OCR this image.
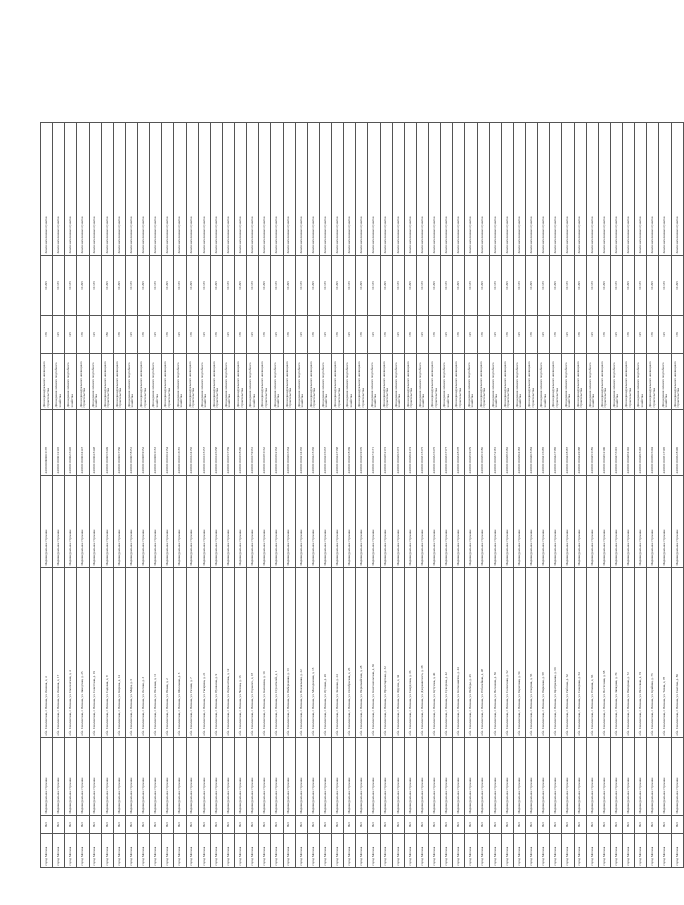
город Москва	Нет	Индивидуальное строение	обл. Смоленская, г. Вязьма, ул. Ленина, д. 4	Индивидуальное строение	44:09:0000000:1178	Для индивидуального жилищного строительства	170	10 295	Земли населенных пунктов
город Москва	Нет	Индивидуальное строение	обл. Смоленская, г. Вязьма, ул. Ленина, д. 17	Индивидуальное строение	44:09:0101001:2145	Для ведения личного подсобного хозяйства	125	10 135	Земли населенных пунктов
город Москва	Нет	Индивидуальное строение	обл. Смоленская, г. Вязьма, ул. Смоленская, д. 4	Индивидуальное строение	44:09:0101002:3146	Для ведения личного подсобного хозяйства	125	10 135	Земли населенных пунктов
город Москва	Нет	Индивидуальное строение	обл. Смоленская, г. Вязьма, ул. Заводская, д. 25	Индивидуальное строение	44:09:0101003:4147	Для индивидуального жилищного строительства	170	10 295	Земли населенных пунктов
город Москва	Нет	Индивидуальное строение	обл. Смоленская, г. Вязьма, ул. Советская, д. 19	Индивидуальное строение	44:09:0101004:5148	Для ведения личного подсобного хозяйства	125	10 135	Земли населенных пунктов
город Москва	Нет	Индивидуальное строение	обл. Смоленская, г. Вязьма, ул. Садовая, д. 8	Индивидуальное строение	44:09:0101005:6149	Для индивидуального жилищного строительства	180	10 295	Земли населенных пунктов
город Москва	Нет	Индивидуальное строение	обл. Смоленская, г. Вязьма, ул. Кирова, д. 14	Индивидуальное строение	44:09:0101006:7150	Для индивидуального жилищного строительства	170	10 295	Земли населенных пунктов
город Москва	Нет	Индивидуальное строение	обл. Смоленская, г. Вязьма, ул. Мира, д. 6	Индивидуальное строение	44:09:0101007:8151	Для ведения личного подсобного хозяйства	125	10 135	Земли населенных пунктов
город Москва	Нет	Индивидуальное строение	обл. Смоленская, г. Вязьма, ул. Лесная, д. 3	Индивидуальное строение	44:09:0101008:9152	Для индивидуального жилищного строительства	170	10 295	Земли населенных пунктов
город Москва	Нет	Индивидуальное строение	обл. Смоленская, г. Вязьма, ул. Полевая, д. 11	Индивидуальное строение	44:09:0101009:1153	Для ведения личного подсобного хозяйства	125	10 135	Земли населенных пунктов
город Москва	Нет	Индивидуальное строение	обл. Смоленская, г. Вязьма, ул. Новая, д. 2	Индивидуальное строение	44:09:0101010:2154	Для индивидуального жилищного строительства	170	10 295	Земли населенных пунктов
город Москва	Нет	Индивидуальное строение	обл. Смоленская, г. Вязьма, ул. Школьная, д. 5	Индивидуальное строение	44:09:0101011:3155	Для ведения личного подсобного хозяйства	125	10 135	Земли населенных пунктов
город Москва	Нет	Индивидуальное строение	обл. Смоленская, г. Вязьма, ул. Речная, д. 7	Индивидуальное строение	44:09:0101012:4156	Для индивидуального жилищного строительства	170	10 295	Земли населенных пунктов
город Москва	Нет	Индивидуальное строение	обл. Смоленская, г. Вязьма, ул. Гагарина, д. 21	Индивидуальное строение	44:09:0101013:5157	Для ведения личного подсобного хозяйства	125	10 135	Земли населенных пунктов
город Москва	Нет	Индивидуальное строение	обл. Смоленская, г. Вязьма, ул. Пушкина, д. 9	Индивидуальное строение	44:09:0101014:6158	Для индивидуального жилищного строительства	170	10 295	Земли населенных пунктов
город Москва	Нет	Индивидуальное строение	обл. Смоленская, г. Вязьма, ул. Лермонтова, д. 12	Индивидуальное строение	44:09:0101015:7159	Для ведения личного подсобного хозяйства	125	10 135	Земли населенных пунктов
город Москва	Нет	Индивидуальное строение	обл. Смоленская, г. Вязьма, ул. Чехова, д. 16	Индивидуальное строение	44:09:0101016:8160	Для индивидуального жилищного строительства	170	10 295	Земли населенных пунктов
город Москва	Нет	Индивидуальное строение	обл. Смоленская, г. Вязьма, ул. Горького, д. 18	Индивидуальное строение	44:09:0101017:9161	Для ведения личного подсобного хозяйства	125	10 135	Земли населенных пунктов
город Москва	Нет	Индивидуальное строение	обл. Смоленская, г. Вязьма, ул. Калинина, д. 10	Индивидуальное строение	44:09:0101018:1162	Для индивидуального жилищного строительства	170	10 295	Земли населенных пунктов
город Москва	Нет	Индивидуальное строение	обл. Смоленская, г. Вязьма, ул. Строителей, д. 1	Индивидуальное строение	44:09:0101019:2163	Для ведения личного подсобного хозяйства	125	10 135	Земли населенных пунктов
город Москва	Нет	Индивидуальное строение	обл. Смоленская, г. Вязьма, ул. Набережная, д. 13	Индивидуальное строение	44:09:0101020:3164	Для индивидуального жилищного строительства	170	10 295	Земли населенных пунктов
город Москва	Нет	Индивидуальное строение	обл. Смоленская, г. Вязьма, ул. Вокзальная, д. 22	Индивидуальное строение	44:09:0101021:4165	Для ведения личного подсобного хозяйства	125	10 135	Земли населенных пунктов
город Москва	Нет	Индивидуальное строение	обл. Смоленская, г. Вязьма, ул. Молодежная, д. 15	Индивидуальное строение	44:09:0101022:5166	Для индивидуального жилищного строительства	170	10 295	Земли населенных пунктов
город Москва	Нет	Индивидуальное строение	обл. Смоленская, г. Вязьма, ул. Луговая, д. 20	Индивидуальное строение	44:09:0101023:6167	Для ведения личного подсобного хозяйства	125	10 135	Земли населенных пунктов
город Москва	Нет	Индивидуальное строение	обл. Смоленская, г. Вязьма, ул. Зеленая, д. 24	Индивидуальное строение	44:09:0101024:7168	Для индивидуального жилищного строительства	170	10 295	Земли населенных пунктов
город Москва	Нет	Индивидуальное строение	обл. Смоленская, г. Вязьма, ул. Октябрьская, д. 26	Индивидуальное строение	44:09:0101025:8169	Для ведения личного подсобного хозяйства	125	10 135	Земли населенных пунктов
город Москва	Нет	Индивидуальное строение	обл. Смоленская, г. Вязьма, ул. Первомайская, д. 28	Индивидуальное строение	44:09:0101026:9170	Для индивидуального жилищного строительства	170	10 295	Земли населенных пунктов
город Москва	Нет	Индивидуальное строение	обл. Смоленская, г. Вязьма, ул. Комсомольская, д. 30	Индивидуальное строение	44:09:0101027:1171	Для ведения личного подсобного хозяйства	125	10 135	Земли населенных пунктов
город Москва	Нет	Индивидуальное строение	обл. Смоленская, г. Вязьма, ул. Пролетарская, д. 32	Индивидуальное строение	44:09:0101028:2172	Для индивидуального жилищного строительства	170	10 295	Земли населенных пунктов
город Москва	Нет	Индивидуальное строение	обл. Смоленская, г. Вязьма, ул. Фрунзе, д. 34	Индивидуальное строение	44:09:0101029:3173	Для ведения личного подсобного хозяйства	125	10 135	Земли населенных пунктов
город Москва	Нет	Индивидуальное строение	обл. Смоленская, г. Вязьма, ул. Свердлова, д. 36	Индивидуальное строение	44:09:0101030:4174	Для индивидуального жилищного строительства	170	10 295	Земли населенных пунктов
город Москва	Нет	Индивидуальное строение	обл. Смоленская, г. Вязьма, ул. Дзержинского, д. 38	Индивидуальное строение	44:09:0101031:5175	Для ведения личного подсобного хозяйства	125	10 135	Земли населенных пунктов
город Москва	Нет	Индивидуальное строение	обл. Смоленская, г. Вязьма, ул. Кутузова, д. 40	Индивидуальное строение	44:09:0101032:6176	Для индивидуального жилищного строительства	170	10 295	Земли населенных пунктов
город Москва	Нет	Индивидуальное строение	обл. Смоленская, г. Вязьма, ул. Суворова, д. 42	Индивидуальное строение	44:09:0101033:7177	Для ведения личного подсобного хозяйства	125	10 135	Земли населенных пунктов
город Москва	Нет	Индивидуальное строение	обл. Смоленская, г. Вязьма, ул. Космонавтов, д. 44	Индивидуальное строение	44:09:0101034:8178	Для индивидуального жилищного строительства	170	10 295	Земли населенных пунктов
город Москва	Нет	Индивидуальное строение	обл. Смоленская, г. Вязьма, ул. Победы, д. 46	Индивидуальное строение	44:09:0101035:9179	Для ведения личного подсобного хозяйства	125	10 135	Земли населенных пунктов
город Москва	Нет	Индивидуальное строение	обл. Смоленская, г. Вязьма, ул. Юбилейная, д. 48	Индивидуальное строение	44:09:0101036:1180	Для индивидуального жилищного строительства	170	10 295	Земли населенных пунктов
город Москва	Нет	Индивидуальное строение	обл. Смоленская, г. Вязьма, ул. Весенняя, д. 50	Индивидуальное строение	44:09:0101037:2181	Для ведения личного подсобного хозяйства	125	10 135	Земли населенных пунктов
город Москва	Нет	Индивидуальное строение	обл. Смоленская, г. Вязьма, ул. Солнечная, д. 52	Индивидуальное строение	44:09:0101038:3182	Для индивидуального жилищного строительства	170	10 295	Земли населенных пунктов
город Москва	Нет	Индивидуальное строение	обл. Смоленская, г. Вязьма, ул. Береговая, д. 54	Индивидуальное строение	44:09:0101039:4183	Для ведения личного подсобного хозяйства	125	10 135	Земли населенных пунктов
город Москва	Нет	Индивидуальное строение	обл. Смоленская, г. Вязьма, ул. Озерная, д. 56	Индивидуальное строение	44:09:0101040:5184	Для индивидуального жилищного строительства	170	10 295	Земли населенных пунктов
город Москва	Нет	Индивидуальное строение	обл. Смоленская, г. Вязьма, ул. Парковая, д. 58	Индивидуальное строение	44:09:0101041:6185	Для ведения личного подсобного хозяйства	125	10 135	Земли населенных пунктов
город Москва	Нет	Индивидуальное строение	обл. Смоленская, г. Вязьма, ул. Центральная, д. 60	Индивидуальное строение	44:09:0101042:7186	Для индивидуального жилищного строительства	170	10 295	Земли населенных пунктов
город Москва	Нет	Индивидуальное строение	обл. Смоленская, г. Вязьма, ул. Рабочая, д. 62	Индивидуальное строение	44:09:0101043:8187	Для ведения личного подсобного хозяйства	125	10 135	Земли населенных пунктов
город Москва	Нет	Индивидуальное строение	обл. Смоленская, г. Вязьма, ул. Северная, д. 64	Индивидуальное строение	44:09:0101044:9188	Для индивидуального жилищного строительства	170	10 295	Земли населенных пунктов
город Москва	Нет	Индивидуальное строение	обл. Смоленская, г. Вязьма, ул. Южная, д. 66	Индивидуальное строение	44:09:0101045:1189	Для ведения личного подсобного хозяйства	125	10 135	Земли населенных пунктов
город Москва	Нет	Индивидуальное строение	обл. Смоленская, г. Вязьма, ул. Восточная, д. 68	Индивидуальное строение	44:09:0101046:2190	Для индивидуального жилищного строительства	170	10 295	Земли населенных пунктов
город Москва	Нет	Индивидуальное строение	обл. Смоленская, г. Вязьма, ул. Западная, д. 70	Индивидуальное строение	44:09:0101047:3191	Для ведения личного подсобного хозяйства	125	10 135	Земли населенных пунктов
город Москва	Нет	Индивидуальное строение	обл. Смоленская, г. Вязьма, ул. Нагорная, д. 72	Индивидуальное строение	44:09:0101048:4192	Для индивидуального жилищного строительства	170	10 295	Земли населенных пунктов
город Москва	Нет	Индивидуальное строение	обл. Смоленская, г. Вязьма, ул. Песочная, д. 74	Индивидуальное строение	44:09:0101049:5193	Для ведения личного подсобного хозяйства	125	10 135	Земли населенных пунктов
город Москва	Нет	Индивидуальное строение	обл. Смоленская, г. Вязьма, ул. Крайняя, д. 76	Индивидуальное строение	44:09:0101050:6194	Для индивидуального жилищного строительства	170	10 295	Земли населенных пунктов
город Москва	Нет	Индивидуальное строение	обл. Смоленская, г. Вязьма, ул. Тихая, д. 78	Индивидуальное строение	44:09:0101051:7195	Для ведения личного подсобного хозяйства	125	10 135	Земли населенных пунктов
город Москва	Нет	Индивидуальное строение	обл. Смоленская, г. Вязьма, ул. Светлая, д. 80	Индивидуальное строение	44:09:0101052:8196	Для индивидуального жилищного строительства	170	10 295	Земли населенных пунктов
